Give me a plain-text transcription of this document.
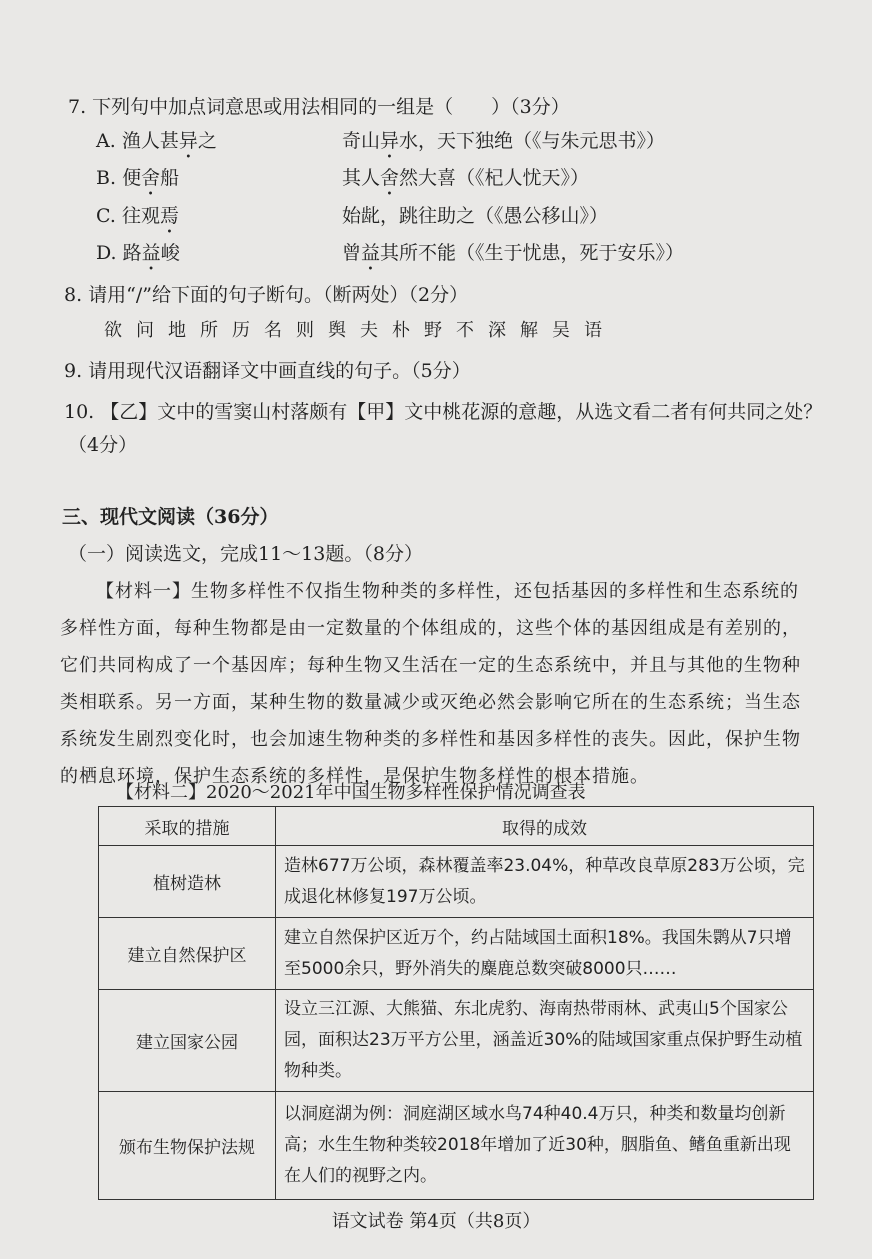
7. 下列句中加点词意思或用法相同的一组是（　　）（3分）
A. 渔人甚异之	奇山异水，天下独绝（《与朱元思书》）
B. 便舍船	其人舍然大喜（《杞人忧天》）
C. 往观焉	始龀，跳往助之（《愚公移山》）
D. 路益峻	曾益其所不能（《生于忧患，死于安乐》）
8. 请用“/”给下面的句子断句。（断两处）（2分）
欲问地所历名则舆夫朴野不深解吴语
9. 请用现代汉语翻译文中画直线的句子。（5分）
10. 【乙】文中的雪窦山村落颇有【甲】文中桃花源的意趣，从选文看二者有何共同之处？
（4分）
三、现代文阅读（36分）
（一）阅读选文，完成11～13题。（8分）
【材料一】生物多样性不仅指生物种类的多样性，还包括基因的多样性和生态系统的多样性方面，每种生物都是由一定数量的个体组成的，这些个体的基因组成是有差别的，它们共同构成了一个基因库；每种生物又生活在一定的生态系统中，并且与其他的生物种类相联系。另一方面，某种生物的数量减少或灭绝必然会影响它所在的生态系统；当生态系统发生剧烈变化时，也会加速生物种类的多样性和基因多样性的丧失。因此，保护生物的栖息环境，保护生态系统的多样性，是保护生物多样性的根本措施。
【材料二】2020～2021年中国生物多样性保护情况调查表
采取的措施	取得的成效
植树造林	造林677万公顷，森林覆盖率23.04%，种草改良草原283万公顷，完成退化林修复197万公顷。
建立自然保护区	建立自然保护区近万个，约占陆域国土面积18%。我国朱鹮从7只增至5000余只，野外消失的麋鹿总数突破8000只……
建立国家公园	设立三江源、大熊猫、东北虎豹、海南热带雨林、武夷山5个国家公园，面积达23万平方公里，涵盖近30%的陆域国家重点保护野生动植物种类。
颁布生物保护法规	以洞庭湖为例：洞庭湖区域水鸟74种40.4万只，种类和数量均创新高；水生生物种类较2018年增加了近30种，胭脂鱼、鳍鱼重新出现在人们的视野之内。
语文试卷 第4页（共8页）
